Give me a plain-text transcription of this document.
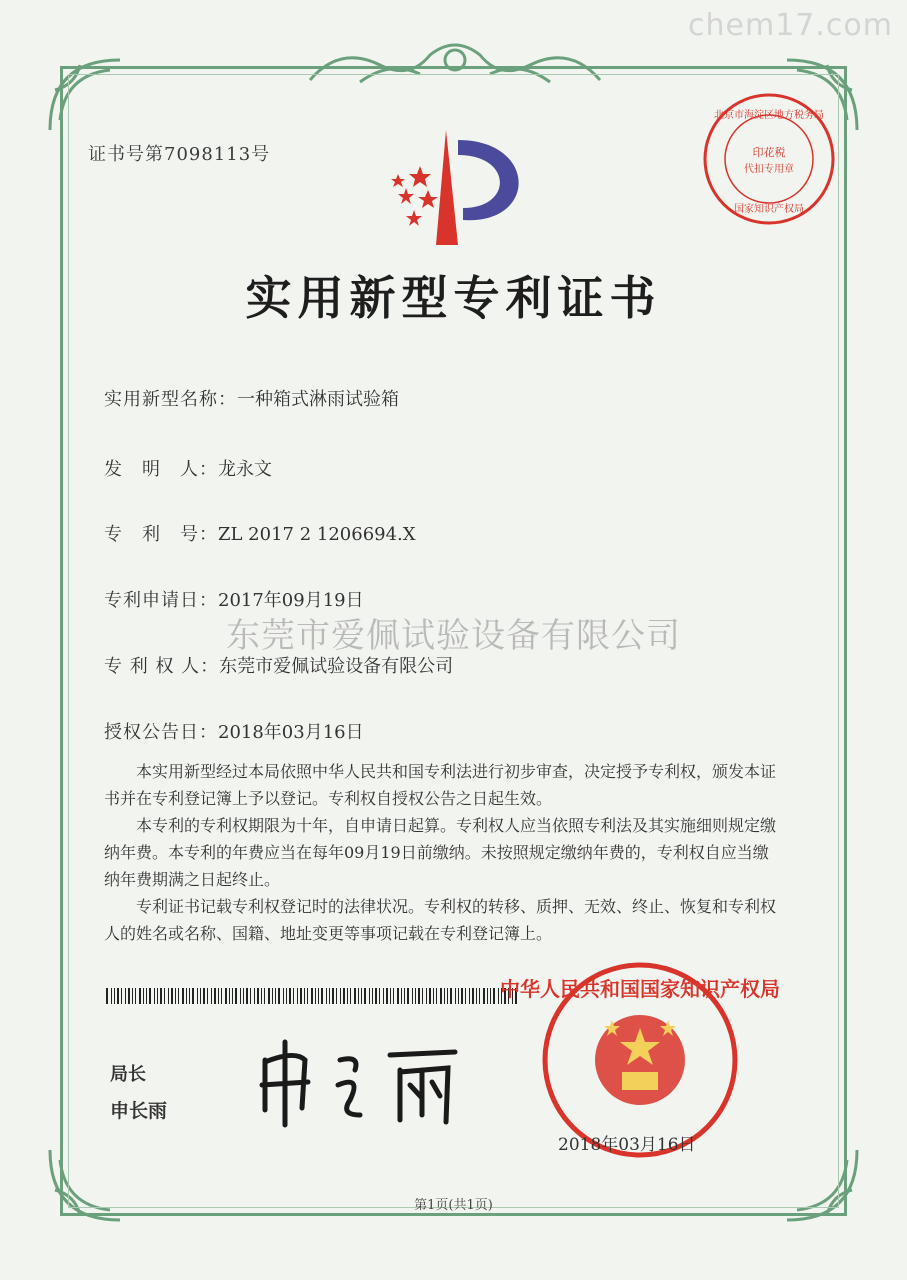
chem17.com
证书号第7098113号
北京市海淀区地方税务局
印花税
代扣专用章
国家知识产权局
实用新型专利证书
实用新型名称：一种箱式淋雨试验箱
发　明　人：龙永文
专　利　号：ZL 2017 2 1206694.X
专利申请日：2017年09月19日
东莞市爱佩试验设备有限公司
专 利 权 人：东莞市爱佩试验设备有限公司
授权公告日：2018年03月16日

本实用新型经过本局依照中华人民共和国专利法进行初步审查，决定授予专利权，颁发本证书并在专利登记簿上予以登记。专利权自授权公告之日起生效。

本专利的专利权期限为十年，自申请日起算。专利权人应当依照专利法及其实施细则规定缴纳年费。本专利的年费应当在每年09月19日前缴纳。未按照规定缴纳年费的，专利权自应当缴纳年费期满之日起终止。

专利证书记载专利权登记时的法律状况。专利权的转移、质押、无效、终止、恢复和专利权人的姓名或名称、国籍、地址变更等事项记载在专利登记簿上。

局长
申长雨
中华人民共和国国家知识产权局
2018年03月16日
第1页(共1页)
